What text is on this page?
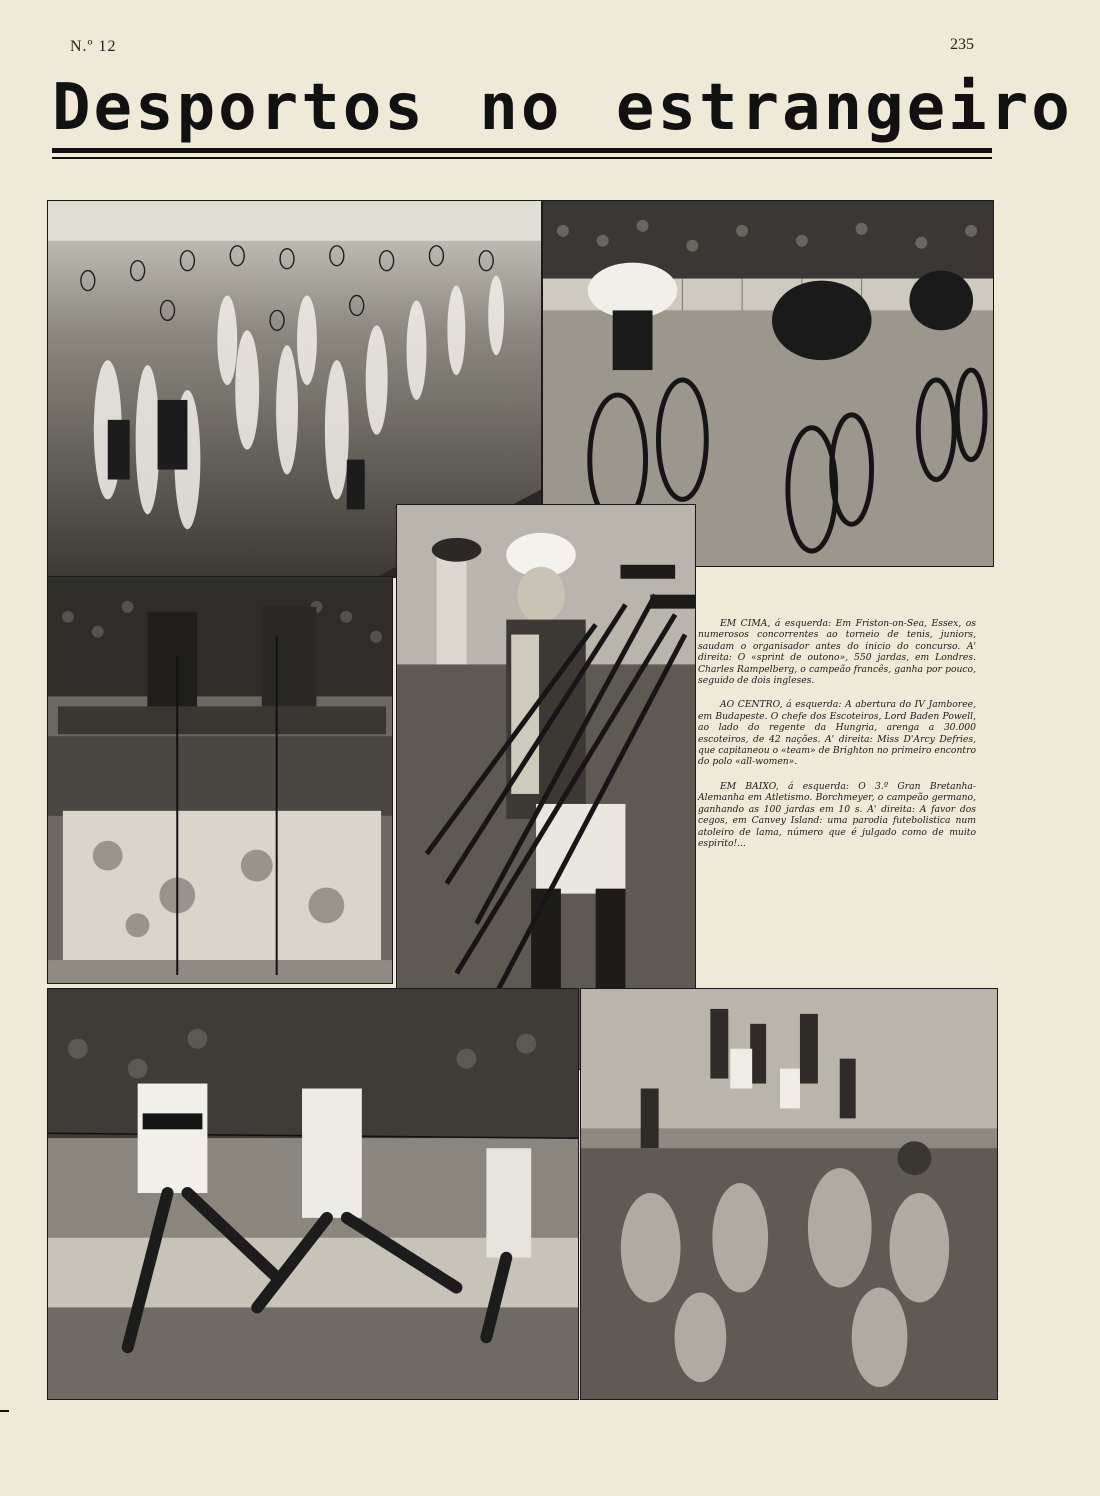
N.º 12	235
Desportos no estrangeiro

EM CIMA, á esquerda: Em Friston-on-Sea, Essex, os numerosos concorrentes ao torneio de tenis, juniors, saudam o organisador antes do inicio do concurso. A' direita: O «sprint de outono», 550 jardas, em Londres. Charles Rampelberg, o campeão francês, ganha por pouco, seguido de dois ingleses.

AO CENTRO, á esquerda: A abertura do IV Jamboree, em Budapeste. O chefe dos Escoteiros, Lord Baden Powell, ao lado do regente da Hungria, arenga a 30.000 escoteiros, de 42 nações. A' direita: Miss D'Arcy Defries, que capitaneou o «team» de Brighton no primeiro encontro do polo «all-women».

EM BAIXO, á esquerda: O 3.º Gran Bretanha-Alemanha em Atletismo. Borchmeyer, o campeão germano, ganhando as 100 jardas em 10 s. A' direita: A favor dos cegos, em Canvey Island: uma parodia futebolistica num atoleiro de lama, número que é julgado como de muito espirito!...
